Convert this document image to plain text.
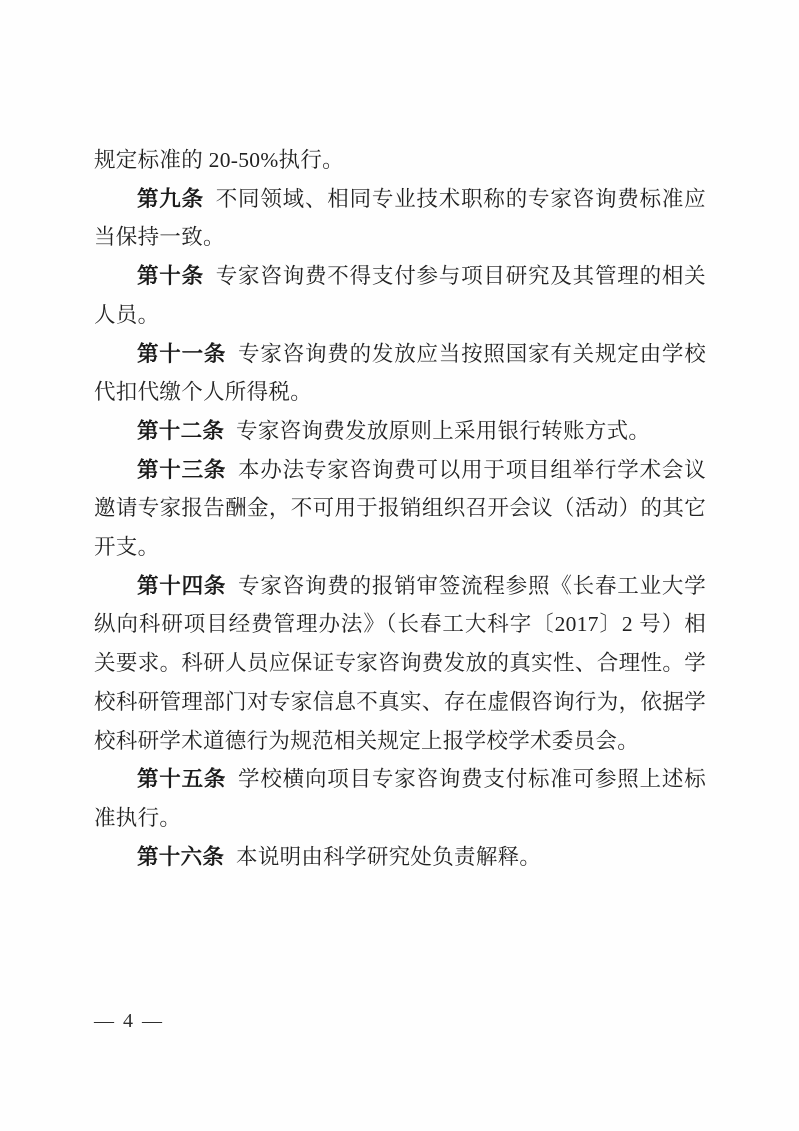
规定标准的 20-50%执行。

第九条 不同领域、相同专业技术职称的专家咨询费标准应当保持一致。

第十条 专家咨询费不得支付参与项目研究及其管理的相关人员。

第十一条 专家咨询费的发放应当按照国家有关规定由学校代扣代缴个人所得税。

第十二条 专家咨询费发放原则上采用银行转账方式。

第十三条 本办法专家咨询费可以用于项目组举行学术会议邀请专家报告酬金，不可用于报销组织召开会议（活动）的其它开支。

第十四条 专家咨询费的报销审签流程参照《长春工业大学纵向科研项目经费管理办法》（长春工大科字〔2017〕2 号）相关要求。科研人员应保证专家咨询费发放的真实性、合理性。学校科研管理部门对专家信息不真实、存在虚假咨询行为，依据学校科研学术道德行为规范相关规定上报学校学术委员会。

第十五条 学校横向项目专家咨询费支付标准可参照上述标准执行。

第十六条 本说明由科学研究处负责解释。

— 4 —
